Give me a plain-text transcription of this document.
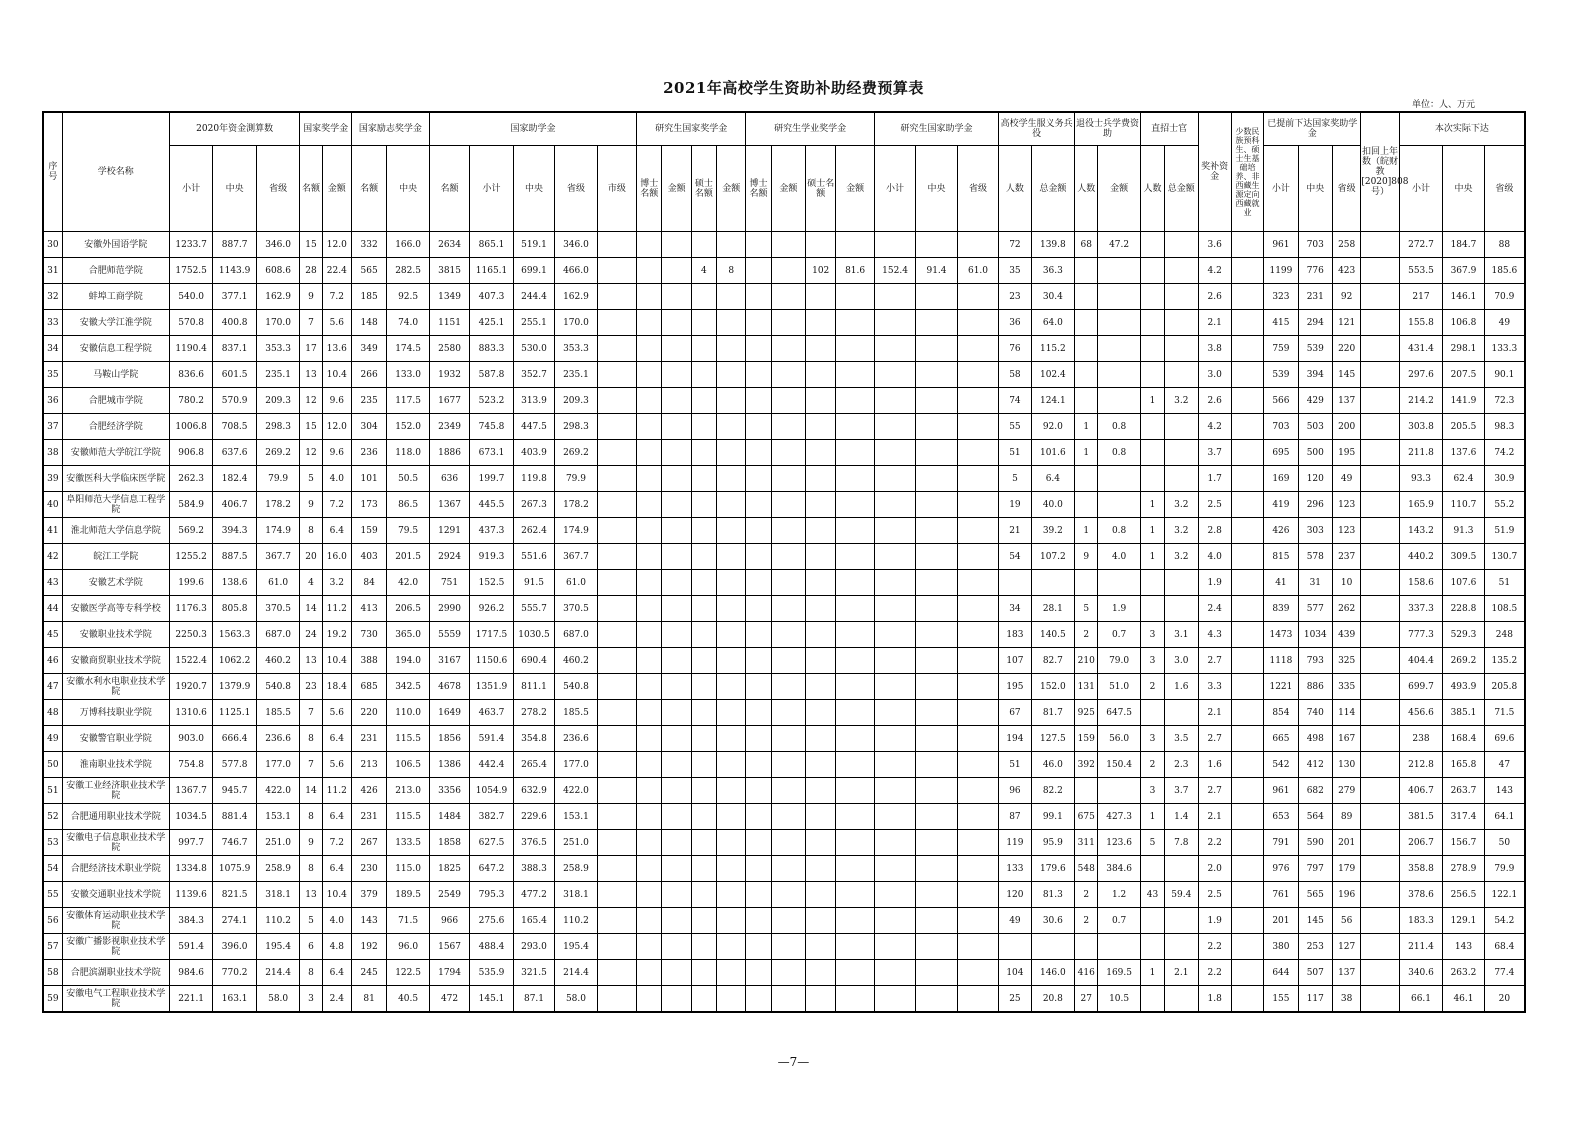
2021年高校学生资助补助经费预算表
单位：人、万元
序号	学校名称	2020年资金測算数			国家奖学金		国家励志奖学金		国家助学金					研究生国家奖学金				研究生学业奖学金				研究生国家助学金			高校学生服义务兵役		退役士兵学费资助		直招士官		奖补资金	少数民族预科生、硕士生基础培养、非西藏生源定向西藏就业	已提前下达国家奖助学金			扣回上年数（皖财教[2020]808号）	本次实际下达		
		小计	中央	省级	名额	金额	名额	中央	名额	小计	中央	省级	市级	博士名额	金额	硕士名额	金额	博士名额	金额	硕士名额	金额	小计	中央	省级	人数	总金额	人数	金额	人数	总金额			小计	中央	省级		小计	中央	省级
30	安徽外国语学院	1233.7	887.7	346.0	15	12.0	332	166.0	2634	865.1	519.1	346.0													72	139.8	68	47.2			3.6		961	703	258		272.7	184.7	88
31	合肥师范学院	1752.5	1143.9	608.6	28	22.4	565	282.5	3815	1165.1	699.1	466.0				4	8			102	81.6	152.4	91.4	61.0	35	36.3					4.2		1199	776	423		553.5	367.9	185.6
32	蚌埠工商学院	540.0	377.1	162.9	9	7.2	185	92.5	1349	407.3	244.4	162.9													23	30.4					2.6		323	231	92		217	146.1	70.9
33	安徽大学江淮学院	570.8	400.8	170.0	7	5.6	148	74.0	1151	425.1	255.1	170.0													36	64.0					2.1		415	294	121		155.8	106.8	49
34	安徽信息工程学院	1190.4	837.1	353.3	17	13.6	349	174.5	2580	883.3	530.0	353.3													76	115.2					3.8		759	539	220		431.4	298.1	133.3
35	马鞍山学院	836.6	601.5	235.1	13	10.4	266	133.0	1932	587.8	352.7	235.1													58	102.4					3.0		539	394	145		297.6	207.5	90.1
36	合肥城市学院	780.2	570.9	209.3	12	9.6	235	117.5	1677	523.2	313.9	209.3													74	124.1			1	3.2	2.6		566	429	137		214.2	141.9	72.3
37	合肥经济学院	1006.8	708.5	298.3	15	12.0	304	152.0	2349	745.8	447.5	298.3													55	92.0	1	0.8			4.2		703	503	200		303.8	205.5	98.3
38	安徽师范大学皖江学院	906.8	637.6	269.2	12	9.6	236	118.0	1886	673.1	403.9	269.2													51	101.6	1	0.8			3.7		695	500	195		211.8	137.6	74.2
39	安徽医科大学临床医学院	262.3	182.4	79.9	5	4.0	101	50.5	636	199.7	119.8	79.9													5	6.4					1.7		169	120	49		93.3	62.4	30.9
40	阜阳师范大学信息工程学院	584.9	406.7	178.2	9	7.2	173	86.5	1367	445.5	267.3	178.2													19	40.0			1	3.2	2.5		419	296	123		165.9	110.7	55.2
41	淮北师范大学信息学院	569.2	394.3	174.9	8	6.4	159	79.5	1291	437.3	262.4	174.9													21	39.2	1	0.8	1	3.2	2.8		426	303	123		143.2	91.3	51.9
42	皖江工学院	1255.2	887.5	367.7	20	16.0	403	201.5	2924	919.3	551.6	367.7													54	107.2	9	4.0	1	3.2	4.0		815	578	237		440.2	309.5	130.7
43	安徽艺术学院	199.6	138.6	61.0	4	3.2	84	42.0	751	152.5	91.5	61.0																			1.9		41	31	10		158.6	107.6	51
44	安徽医学高等专科学校	1176.3	805.8	370.5	14	11.2	413	206.5	2990	926.2	555.7	370.5													34	28.1	5	1.9			2.4		839	577	262		337.3	228.8	108.5
45	安徽职业技术学院	2250.3	1563.3	687.0	24	19.2	730	365.0	5559	1717.5	1030.5	687.0													183	140.5	2	0.7	3	3.1	4.3		1473	1034	439		777.3	529.3	248
46	安徽商贸职业技术学院	1522.4	1062.2	460.2	13	10.4	388	194.0	3167	1150.6	690.4	460.2													107	82.7	210	79.0	3	3.0	2.7		1118	793	325		404.4	269.2	135.2
47	安徽水利水电职业技术学院	1920.7	1379.9	540.8	23	18.4	685	342.5	4678	1351.9	811.1	540.8													195	152.0	131	51.0	2	1.6	3.3		1221	886	335		699.7	493.9	205.8
48	万博科技职业学院	1310.6	1125.1	185.5	7	5.6	220	110.0	1649	463.7	278.2	185.5													67	81.7	925	647.5			2.1		854	740	114		456.6	385.1	71.5
49	安徽警官职业学院	903.0	666.4	236.6	8	6.4	231	115.5	1856	591.4	354.8	236.6													194	127.5	159	56.0	3	3.5	2.7		665	498	167		238	168.4	69.6
50	淮南职业技术学院	754.8	577.8	177.0	7	5.6	213	106.5	1386	442.4	265.4	177.0													51	46.0	392	150.4	2	2.3	1.6		542	412	130		212.8	165.8	47
51	安徽工业经济职业技术学院	1367.7	945.7	422.0	14	11.2	426	213.0	3356	1054.9	632.9	422.0													96	82.2			3	3.7	2.7		961	682	279		406.7	263.7	143
52	合肥通用职业技术学院	1034.5	881.4	153.1	8	6.4	231	115.5	1484	382.7	229.6	153.1													87	99.1	675	427.3	1	1.4	2.1		653	564	89		381.5	317.4	64.1
53	安徽电子信息职业技术学院	997.7	746.7	251.0	9	7.2	267	133.5	1858	627.5	376.5	251.0													119	95.9	311	123.6	5	7.8	2.2		791	590	201		206.7	156.7	50
54	合肥经济技术职业学院	1334.8	1075.9	258.9	8	6.4	230	115.0	1825	647.2	388.3	258.9													133	179.6	548	384.6			2.0		976	797	179		358.8	278.9	79.9
55	安徽交通职业技术学院	1139.6	821.5	318.1	13	10.4	379	189.5	2549	795.3	477.2	318.1													120	81.3	2	1.2	43	59.4	2.5		761	565	196		378.6	256.5	122.1
56	安徽体育运动职业技术学院	384.3	274.1	110.2	5	4.0	143	71.5	966	275.6	165.4	110.2													49	30.6	2	0.7			1.9		201	145	56		183.3	129.1	54.2
57	安徽广播影视职业技术学院	591.4	396.0	195.4	6	4.8	192	96.0	1567	488.4	293.0	195.4																			2.2		380	253	127		211.4	143	68.4
58	合肥滨湖职业技术学院	984.6	770.2	214.4	8	6.4	245	122.5	1794	535.9	321.5	214.4													104	146.0	416	169.5	1	2.1	2.2		644	507	137		340.6	263.2	77.4
59	安徽电气工程职业技术学院	221.1	163.1	58.0	3	2.4	81	40.5	472	145.1	87.1	58.0													25	20.8	27	10.5			1.8		155	117	38		66.1	46.1	20
—7—
